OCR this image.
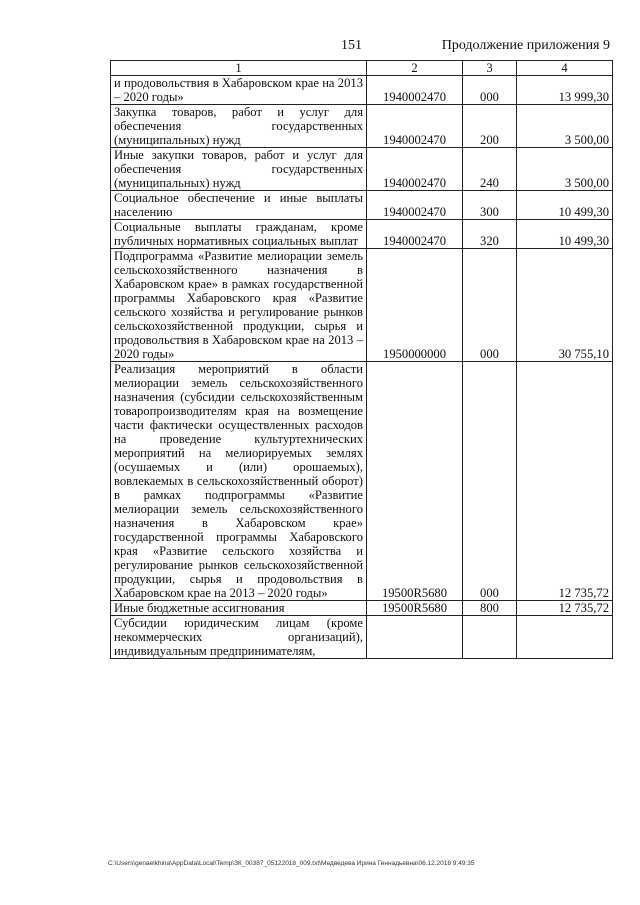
151	Продолжение приложения 9
1	2	3	4
и продовольствия в Хабаровском крае на 2013 – 2020 годы»	1940002470	000	13 999,30
Закупка товаров, работ и услуг для обеспечения государственных (муниципальных) нужд	1940002470	200	3 500,00
Иные закупки товаров, работ и услуг для обеспечения государственных (муниципальных) нужд	1940002470	240	3 500,00
Социальное обеспечение и иные выплаты населению	1940002470	300	10 499,30
Социальные выплаты гражданам, кроме публичных нормативных социальных выплат	1940002470	320	10 499,30
Подпрограмма «Развитие мелиорации земель сельскохозяйственного назначения в Хабаровском крае» в рамках государственной программы Хабаровского края «Развитие сельского хозяйства и регулирование рынков сельскохозяйственной продукции, сырья и продовольствия в Хабаровском крае на 2013 – 2020 годы»	1950000000	000	30 755,10
Реализация мероприятий в области мелиорации земель сельскохозяйственного назначения (субсидии сельскохозяйственным товаропроизводителям края на возмещение части фактически осуществленных расходов на проведение культуртехнических мероприятий на мелиорируемых землях (осушаемых и (или) орошаемых), вовлекаемых в сельскохозяйственный оборот) в рамках подпрограммы «Развитие мелиорации земель сельскохозяйственного назначения в Хабаровском крае» государственной программы Хабаровского края «Развитие сельского хозяйства и регулирование рынков сельскохозяйственной продукции, сырья и продовольствия в Хабаровском крае на 2013 – 2020 годы»	19500R5680	000	12 735,72
Иные бюджетные ассигнования	19500R5680	800	12 735,72
Субсидии юридическим лицам (кроме некоммерческих организаций), индивидуальным предпринимателям,			
C:\Users\genaelkhina\AppData\Local\Temp\ЗК_00387_05122018_009.txt\Медведева Ирина Геннадьевна\06.12.2018 9:49:35
